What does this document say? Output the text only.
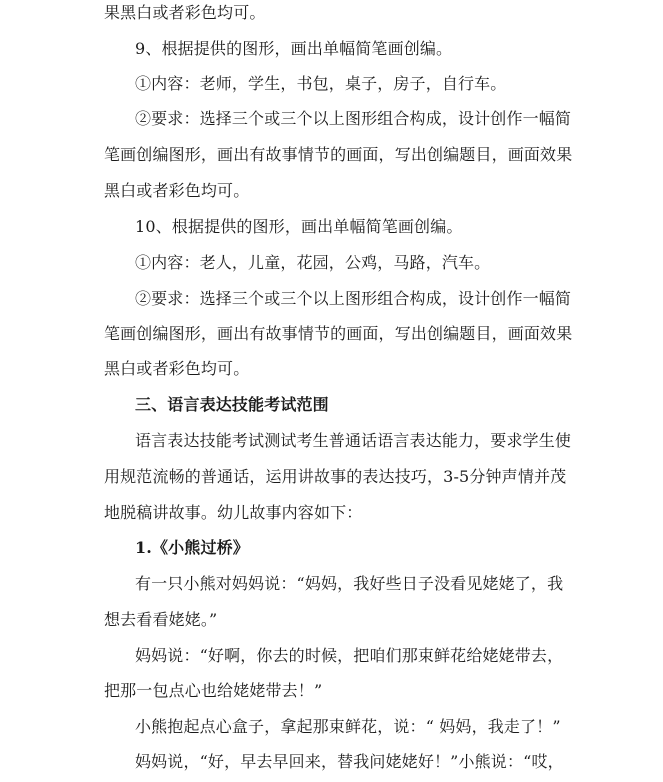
果黑白或者彩色均可。
9、根据提供的图形，画出单幅简笔画创编。
①内容：老师，学生，书包，桌子，房子，自行车。
②要求：选择三个或三个以上图形组合构成，设计创作一幅简
笔画创编图形，画出有故事情节的画面，写出创编题目，画面效果
黑白或者彩色均可。
10、根据提供的图形，画出单幅简笔画创编。
①内容：老人，儿童，花园，公鸡，马路，汽车。
②要求：选择三个或三个以上图形组合构成，设计创作一幅简
笔画创编图形，画出有故事情节的画面，写出创编题目，画面效果
黑白或者彩色均可。
三、语言表达技能考试范围
语言表达技能考试测试考生普通话语言表达能力，要求学生使
用规范流畅的普通话，运用讲故事的表达技巧，3-5分钟声情并茂
地脱稿讲故事。幼儿故事内容如下：
1.《小熊过桥》
有一只小熊对妈妈说：“妈妈，我好些日子没看见姥姥了，我
想去看看姥姥。”
妈妈说：“好啊，你去的时候，把咱们那束鲜花给姥姥带去，
把那一包点心也给姥姥带去！”
小熊抱起点心盒子，拿起那束鲜花，说：“ 妈妈，我走了！”
妈妈说，“好，早去早回来，替我问姥姥好！”小熊说：“哎，
